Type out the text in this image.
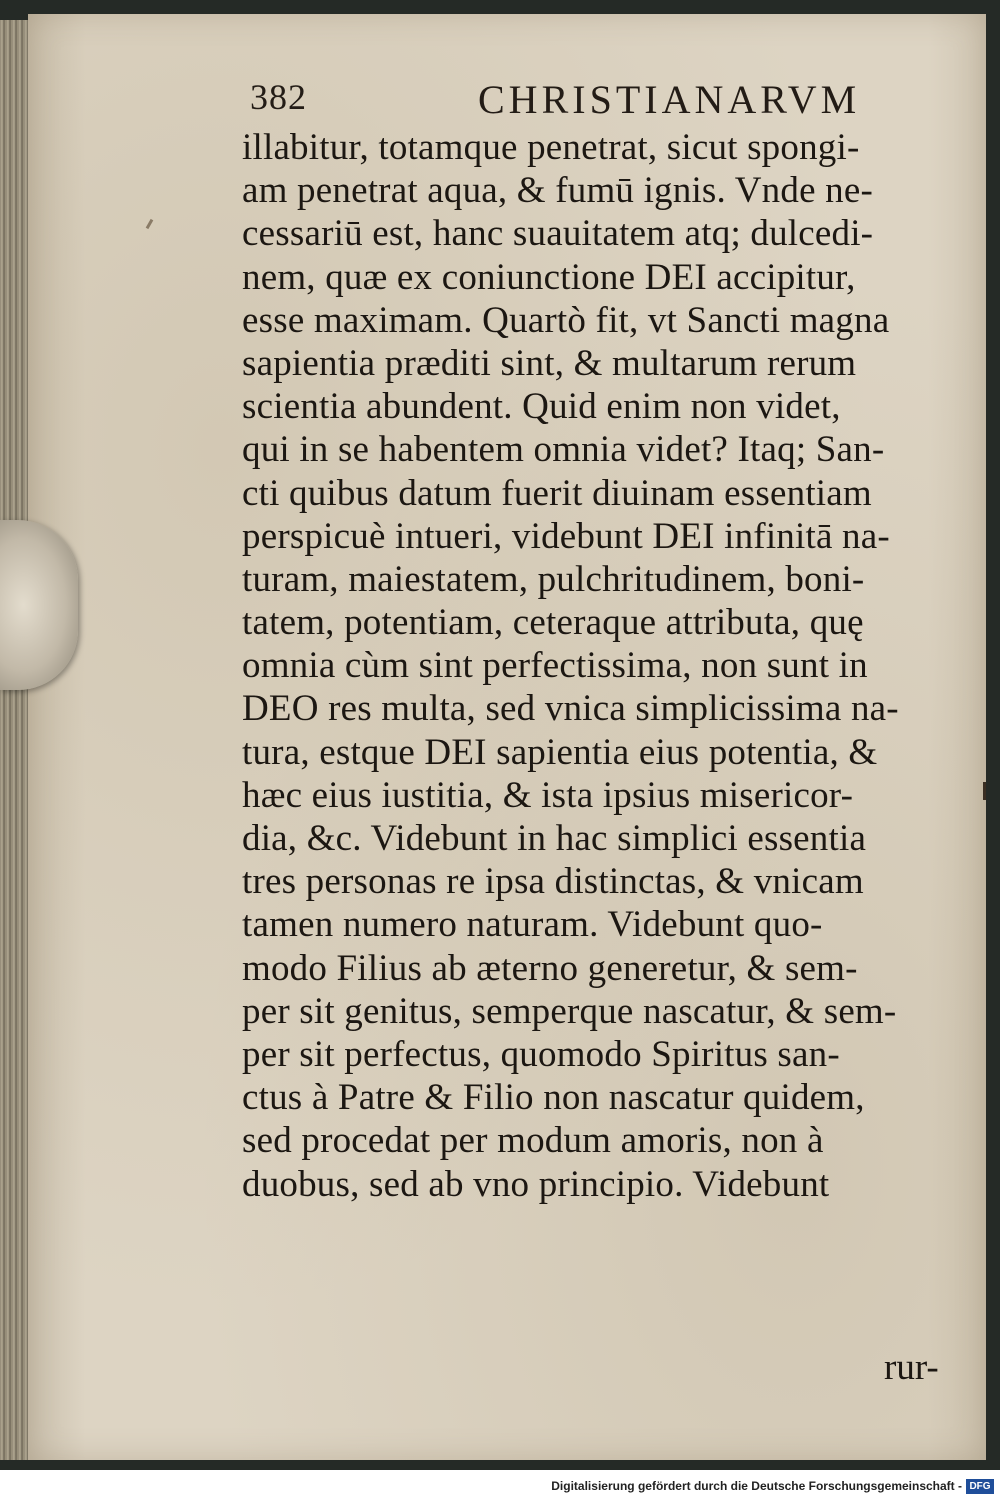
382	CHRISTIANARVM
illabitur, totamque penetrat, sicut spongi-
am penetrat aqua, & fumū ignis. Vnde ne-
cessariū est, hanc suauitatem atq; dulcedi-
nem, quæ ex coniunctione DEI accipitur,
esse maximam. Quartò fit, vt Sancti magna
sapientia præditi sint, & multarum rerum
scientia abundent. Quid enim non videt,
qui in se habentem omnia videt? Itaq; San-
cti quibus datum fuerit diuinam essentiam
perspicuè intueri, videbunt DEI infinitā na-
turam, maiestatem, pulchritudinem, boni-
tatem, potentiam, ceteraque attributa, quę
omnia cùm sint perfectissima, non sunt in
DEO res multa, sed vnica simplicissima na-
tura, estque DEI sapientia eius potentia, &
hæc eius iustitia, & ista ipsius misericor-
dia, &c. Videbunt in hac simplici essentia
tres personas re ipsa distinctas, & vnicam
tamen numero naturam. Videbunt quo-
modo Filius ab æterno generetur, & sem-
per sit genitus, semperque nascatur, & sem-
per sit perfectus, quomodo Spiritus san-
ctus à Patre & Filio non nascatur quidem,
sed procedat per modum amoris, non à
duobus, sed ab vno principio. Videbunt
rur-
Digitalisierung gefördert durch die Deutsche Forschungsgemeinschaft - DFG
